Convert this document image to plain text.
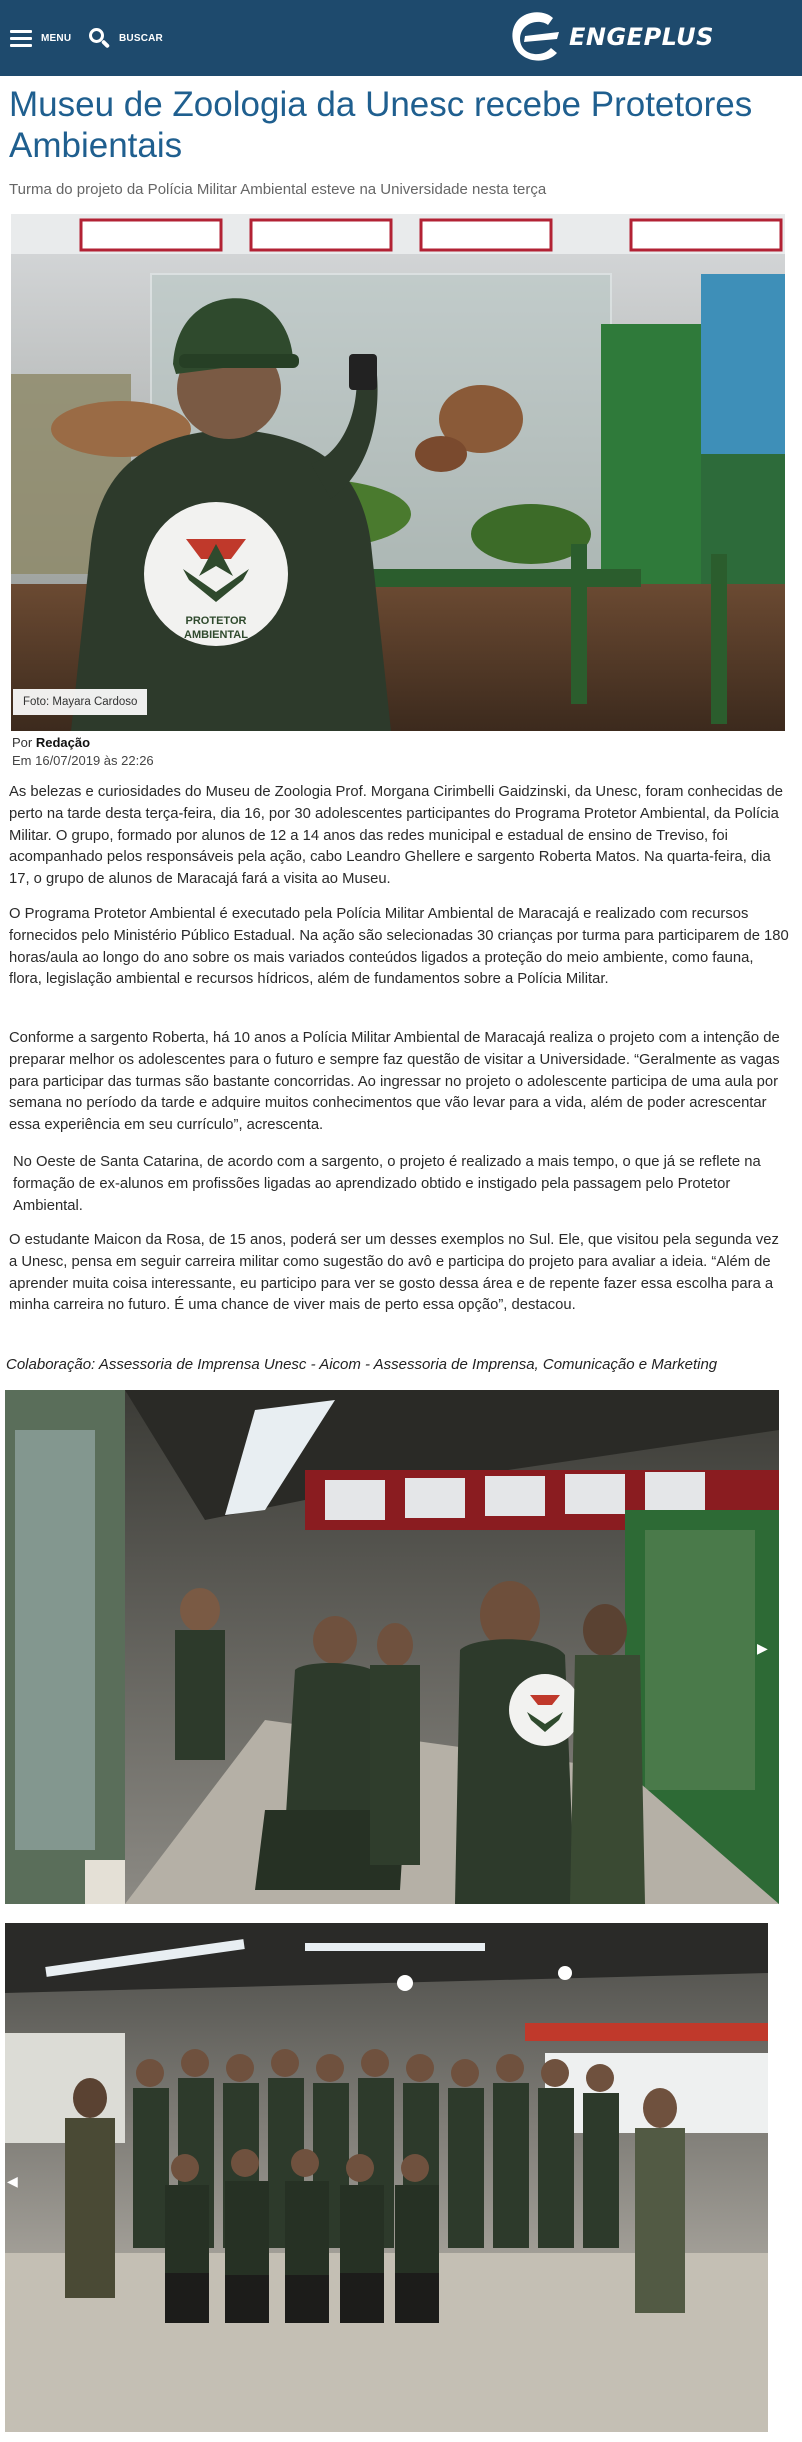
MENU	BUSCAR	ENGEPLUS
Museu de Zoologia da Unesc recebe Protetores Ambientais
Turma do projeto da Polícia Militar Ambiental esteve na Universidade nesta terça
PROTETOR
AMBIENTAL
Foto: Mayara Cardoso
Por Redação
Em 16/07/2019 às 22:26

As belezas e curiosidades do Museu de Zoologia Prof. Morgana Cirimbelli Gaidzinski, da Unesc, foram conhecidas de perto na tarde desta terça-feira, dia 16, por 30 adolescentes participantes do Programa Protetor Ambiental, da Polícia Militar. O grupo, formado por alunos de 12 a 14 anos das redes municipal e estadual de ensino de Treviso, foi acompanhado pelos responsáveis pela ação, cabo Leandro Ghellere e sargento Roberta Matos. Na quarta-feira, dia 17, o grupo de alunos de Maracajá fará a visita ao Museu.

O Programa Protetor Ambiental é executado pela Polícia Militar Ambiental de Maracajá e realizado com recursos fornecidos pelo Ministério Público Estadual. Na ação são selecionadas 30 crianças por turma para participarem de 180 horas/aula ao longo do ano sobre os mais variados conteúdos ligados a proteção do meio ambiente, como fauna, flora, legislação ambiental e recursos hídricos, além de fundamentos sobre a Polícia Militar.

Conforme a sargento Roberta, há 10 anos a Polícia Militar Ambiental de Maracajá realiza o projeto com a intenção de preparar melhor os adolescentes para o futuro e sempre faz questão de visitar a Universidade. “Geralmente as vagas para participar das turmas são bastante concorridas. Ao ingressar no projeto o adolescente participa de uma aula por semana no período da tarde e adquire muitos conhecimentos que vão levar para a vida, além de poder acrescentar essa experiência em seu currículo”, acrescenta.

No Oeste de Santa Catarina, de acordo com a sargento, o projeto é realizado a mais tempo, o que já se reflete na formação de ex-alunos em profissões ligadas ao aprendizado obtido e instigado pela passagem pelo Protetor Ambiental.

O estudante Maicon da Rosa, de 15 anos, poderá ser um desses exemplos no Sul. Ele, que visitou pela segunda vez a Unesc, pensa em seguir carreira militar como sugestão do avô e participa do projeto para avaliar a ideia. “Além de aprender muita coisa interessante, eu participo para ver se gosto dessa área e de repente fazer essa escolha para a minha carreira no futuro. É uma chance de viver mais de perto essa opção”, destacou.

Colaboração: Assessoria de Imprensa Unesc - Aicom - Assessoria de Imprensa, Comunicação e Marketing
▶
◀
